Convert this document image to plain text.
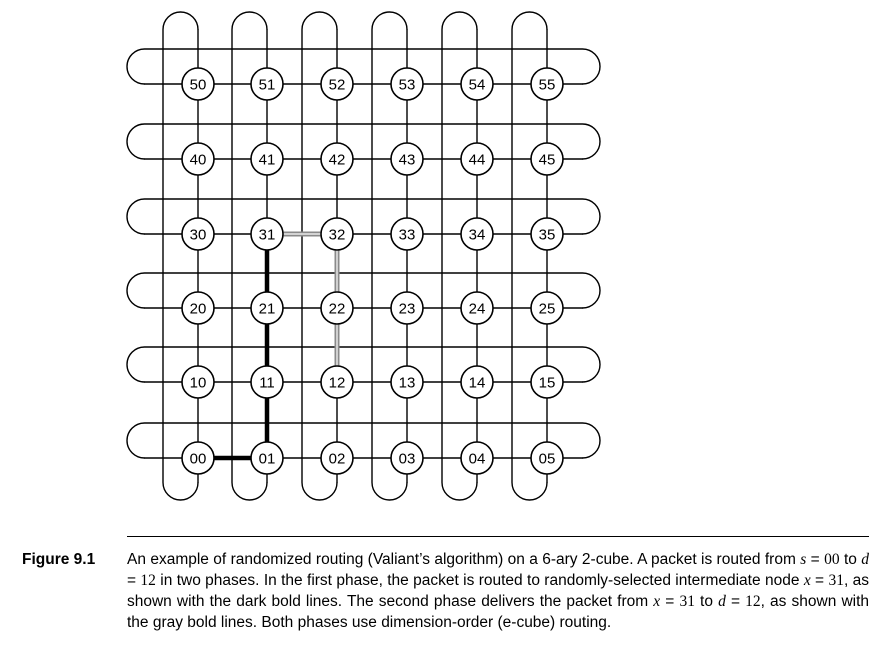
10	11	12	13	14	15
20	21	22	23	24	25
30	31	32	33	34	35
40	41	42	43	44	45
50	51	52	53	54	55
00	01	02	03	04	05
Figure 9.1 An example of randomized routing (Valiant’s algorithm) on a 6-ary 2-cube. A packet is routed from s = 00 to d = 12 in two phases. In the first phase, the packet is routed to randomly-selected intermediate node x = 31, as shown with the dark bold lines. The second phase delivers the packet from x = 31 to d = 12, as shown with the gray bold lines. Both phases use dimension-order (e-cube) routing.
